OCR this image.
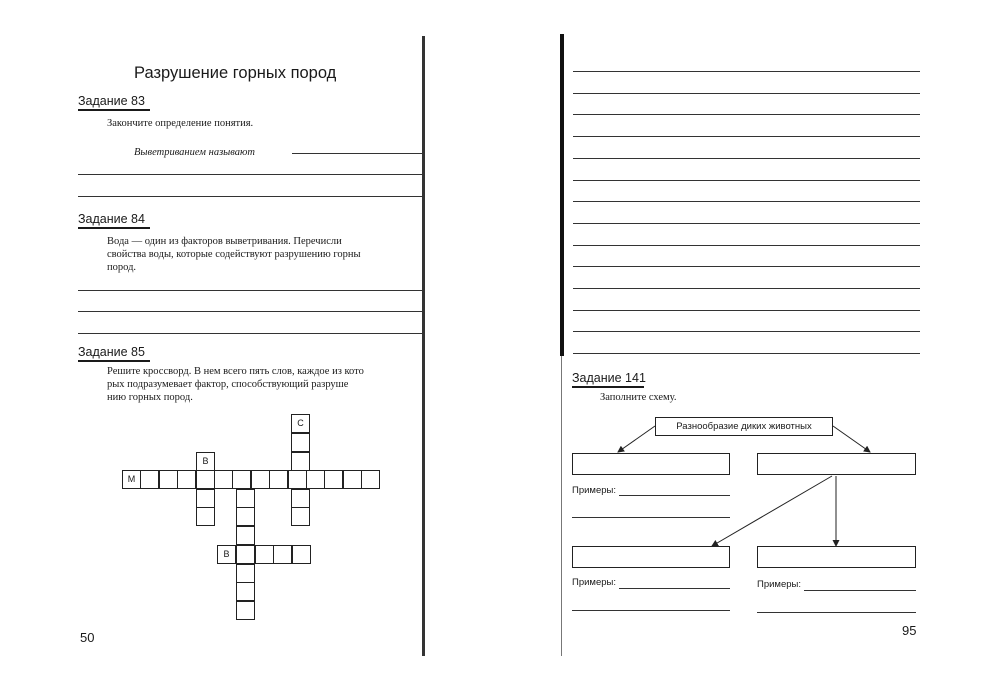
Разрушение горных пород
Задание 83
Закончите определение понятия.
Выветриванием называют
Задание 84
Вода — один из факторов выветривания. Перечисли
свойства воды, которые содействуют разрушению горны
пород.
Задание 85
Решите кроссворд. В нем всего пять слов, каждое из кото
рых подразумевает фактор, способствующий разруше
нию горных пород.
М
В
С
В
50
Задание 141
Заполните схему.
Разнообразие диких животных
Примеры:
Примеры:	Примеры:
95
